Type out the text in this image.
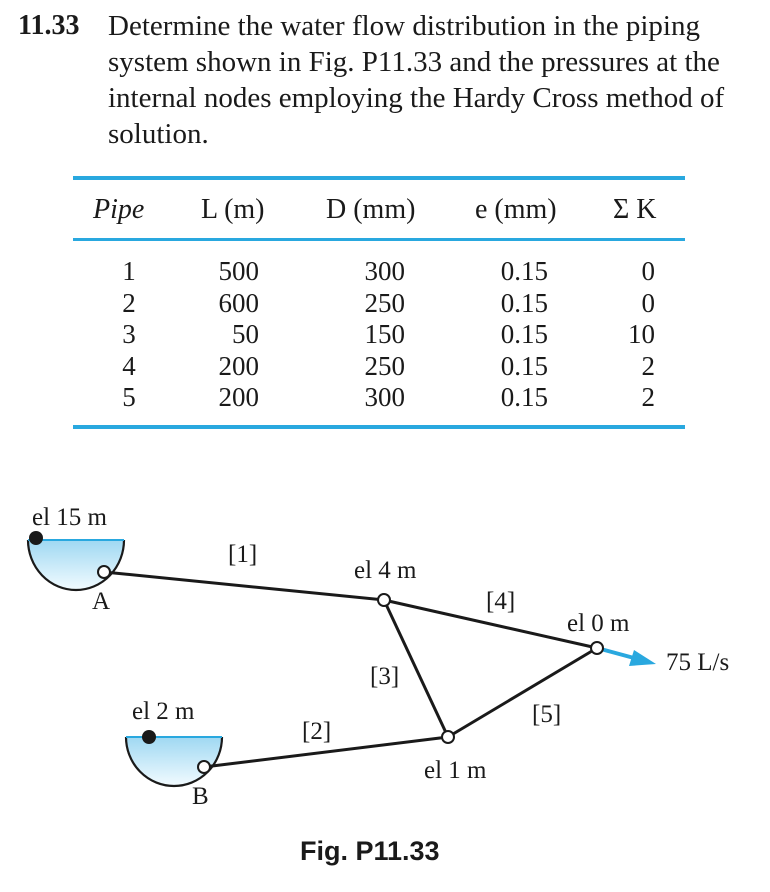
11.33 Determine the water flow distribution in the piping system shown in Fig. P11.33 and the pressures at the internal nodes employing the Hardy Cross method of solution.
Pipe L (m) D (mm) e (mm) Σ K
1
2
3
4
5
500
600
50
200
200
300
250
150
250
300
0.15
0.15
0.15
0.15
0.15
0
0
10
2
2
el 15 m
A
el 2 m
B
el 4 m
el 1 m
el 0 m
75 L/s
[1]
[2]
[3]
[4]
[5]
Fig. P11.33
